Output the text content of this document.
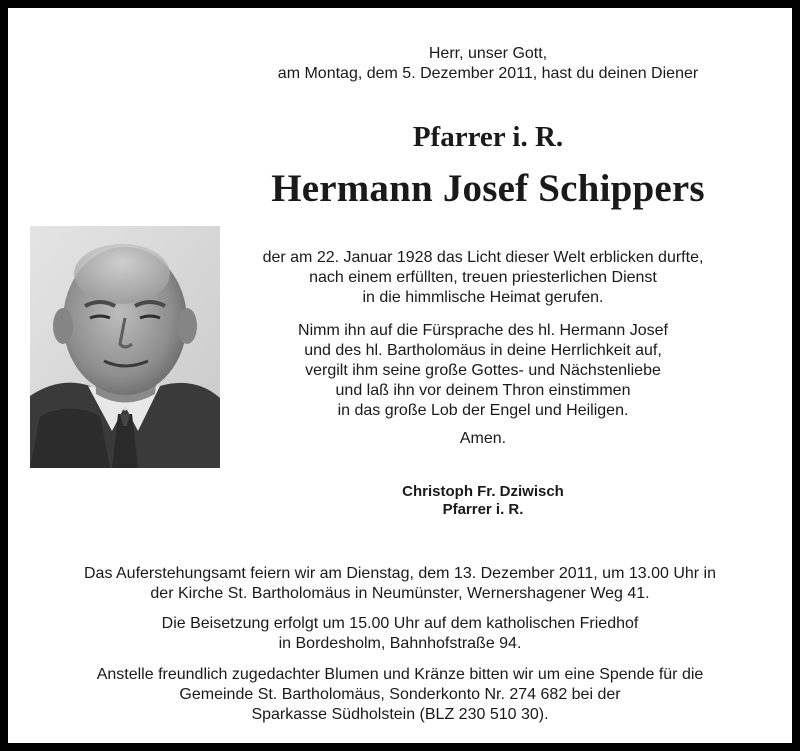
Herr, unser Gott,
am Montag, dem 5. Dezember 2011, hast du deinen Diener
Pfarrer i. R.
Hermann Josef Schippers
der am 22. Januar 1928 das Licht dieser Welt erblicken durfte,
nach einem erfüllten, treuen priesterlichen Dienst
in die himmlische Heimat gerufen.
Nimm ihn auf die Fürsprache des hl. Hermann Josef
und des hl. Bartholomäus in deine Herrlichkeit auf,
vergilt ihm seine große Gottes- und Nächstenliebe
und laß ihn vor deinem Thron einstimmen
in das große Lob der Engel und Heiligen.
Amen.
Christoph Fr. Dziwisch
Pfarrer i. R.
Das Auferstehungsamt feiern wir am Dienstag, dem 13. Dezember 2011, um 13.00 Uhr in
der Kirche St. Bartholomäus in Neumünster, Wernershagener Weg 41.
Die Beisetzung erfolgt um 15.00 Uhr auf dem katholischen Friedhof
in Bordesholm, Bahnhofstraße 94.
Anstelle freundlich zugedachter Blumen und Kränze bitten wir um eine Spende für die
Gemeinde St. Bartholomäus, Sonderkonto Nr. 274 682 bei der
Sparkasse Südholstein (BLZ 230 510 30).
